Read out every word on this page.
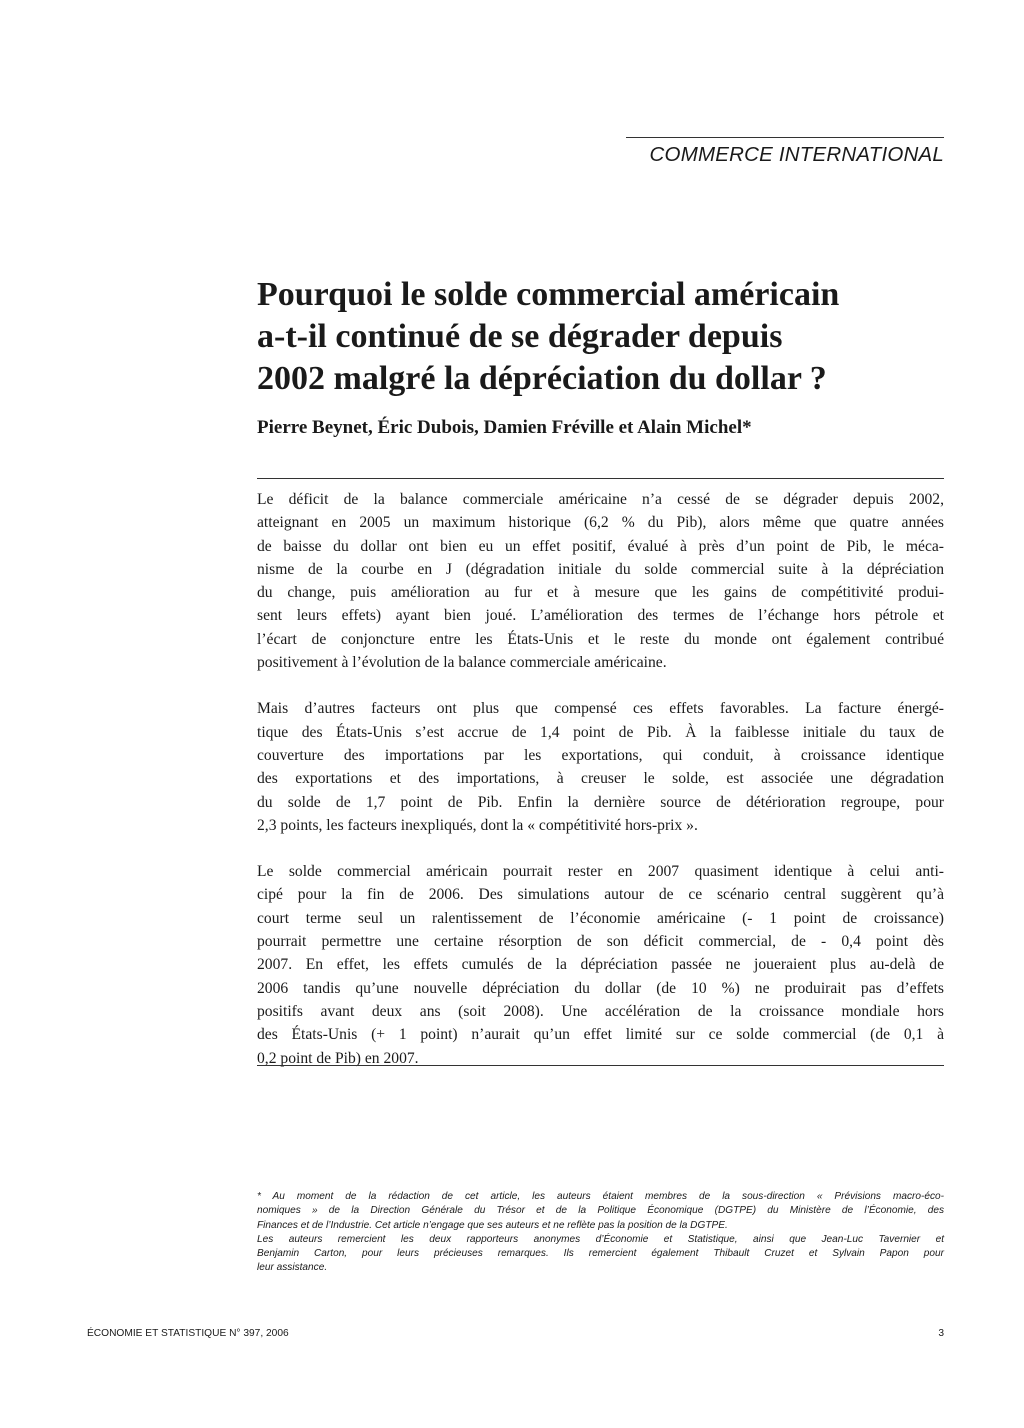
COMMERCE INTERNATIONAL
Pourquoi le solde commercial américain
a-t-il continué de se dégrader depuis
2002 malgré la dépréciation du dollar ?
Pierre Beynet, Éric Dubois, Damien Fréville et Alain Michel*
Le déficit de la balance commerciale américaine n’a cessé de se dégrader depuis 2002,
atteignant en 2005 un maximum historique (6,2 % du Pib), alors même que quatre années
de baisse du dollar ont bien eu un effet positif, évalué à près d’un point de Pib, le méca-
nisme de la courbe en J (dégradation initiale du solde commercial suite à la dépréciation
du change, puis amélioration au fur et à mesure que les gains de compétitivité produi-
sent leurs effets) ayant bien joué. L’amélioration des termes de l’échange hors pétrole et
l’écart de conjoncture entre les États-Unis et le reste du monde ont également contribué
positivement à l’évolution de la balance commerciale américaine.
Mais d’autres facteurs ont plus que compensé ces effets favorables. La facture énergé-
tique des États-Unis s’est accrue de 1,4 point de Pib. À la faiblesse initiale du taux de
couverture des importations par les exportations, qui conduit, à croissance identique
des exportations et des importations, à creuser le solde, est associée une dégradation
du solde de 1,7 point de Pib. Enfin la dernière source de détérioration regroupe, pour
2,3 points, les facteurs inexpliqués, dont la « compétitivité hors-prix ».
Le solde commercial américain pourrait rester en 2007 quasiment identique à celui anti-
cipé pour la fin de 2006. Des simulations autour de ce scénario central suggèrent qu’à
court terme seul un ralentissement de l’économie américaine (- 1 point de croissance)
pourrait permettre une certaine résorption de son déficit commercial, de - 0,4 point dès
2007. En effet, les effets cumulés de la dépréciation passée ne joueraient plus au-delà de
2006 tandis qu’une nouvelle dépréciation du dollar (de 10 %) ne produirait pas d’effets
positifs avant deux ans (soit 2008). Une accélération de la croissance mondiale hors
des États-Unis (+ 1 point) n’aurait qu’un effet limité sur ce solde commercial (de 0,1 à
0,2 point de Pib) en 2007.
* Au moment de la rédaction de cet article, les auteurs étaient membres de la sous-direction « Prévisions macro-éco-
nomiques » de la Direction Générale du Trésor et de la Politique Économique (DGTPE) du Ministère de l’Économie, des
Finances et de l’Industrie. Cet article n’engage que ses auteurs et ne reflète pas la position de la DGTPE.
Les auteurs remercient les deux rapporteurs anonymes d’Économie et Statistique, ainsi que Jean-Luc Tavernier et
Benjamin Carton, pour leurs précieuses remarques. Ils remercient également Thibault Cruzet et Sylvain Papon pour
leur assistance.
ÉCONOMIE ET STATISTIQUE N° 397, 2006	3
